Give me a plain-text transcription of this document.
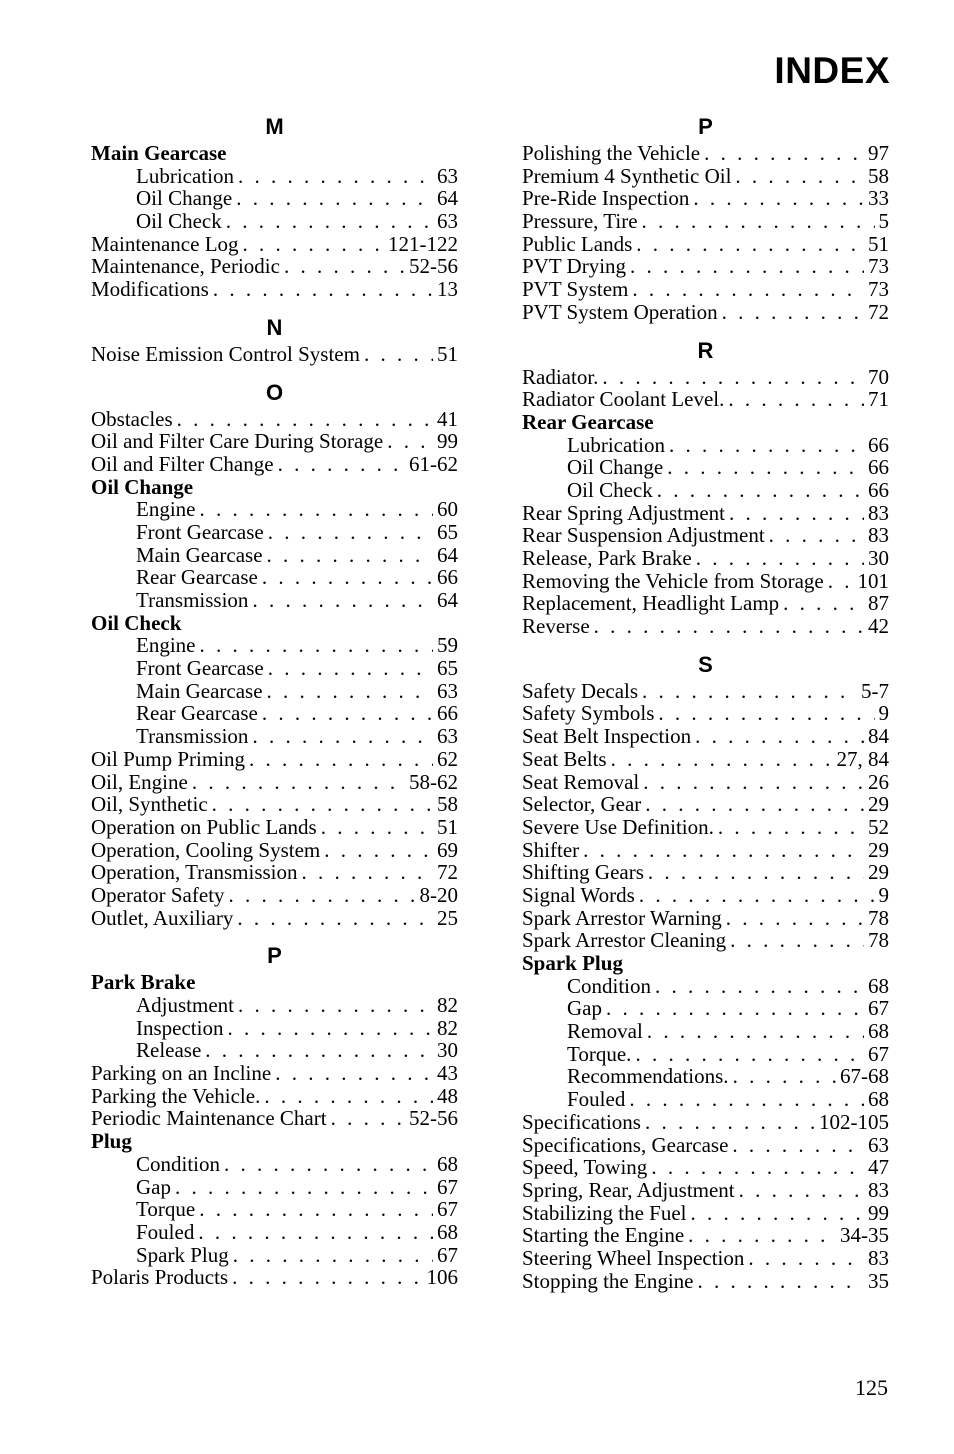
INDEX
M
Main Gearcase
Lubrication . . .	63
Oil Change . . .	64
Oil Check . . .	63
Maintenance Log . . .	121-122
Maintenance, Periodic . . .	52-56
Modifications . . .	13
N
Noise Emission Control System . . .	51
O
Obstacles . . .	41
Oil and Filter Care During Storage . . .	99
Oil and Filter Change . . .	61-62
Oil Change
Engine . . .	60
Front Gearcase . . .	65
Main Gearcase . . .	64
Rear Gearcase . . .	66
Transmission . . .	64
Oil Check
Engine . . .	59
Front Gearcase . . .	65
Main Gearcase . . .	63
Rear Gearcase . . .	66
Transmission . . .	63
Oil Pump Priming . . .	62
Oil, Engine . . .	58-62
Oil, Synthetic . . .	58
Operation on Public Lands . . .	51
Operation, Cooling System . . .	69
Operation, Transmission . . .	72
Operator Safety . . .	8-20
Outlet, Auxiliary . . .	25
P
Park Brake
Adjustment . . .	82
Inspection . . .	82
Release . . .	30
Parking on an Incline . . .	43
Parking the Vehicle. . . .	48
Periodic Maintenance Chart . . .	52-56
Plug
Condition . . .	68
Gap . . .	67
Torque . . .	67
Fouled . . .	68
Spark Plug . . .	67
Polaris Products . . .	106
P
Polishing the Vehicle . . .	97
Premium 4 Synthetic Oil . . .	58
Pre-Ride Inspection . . .	33
Pressure, Tire . . .	5
Public Lands . . .	51
PVT Drying . . .	73
PVT System . . .	73
PVT System Operation . . .	72
R
Radiator. . . .	70
Radiator Coolant Level. . . .	71
Rear Gearcase
Lubrication . . .	66
Oil Change . . .	66
Oil Check . . .	66
Rear Spring Adjustment . . .	83
Rear Suspension Adjustment . . .	83
Release, Park Brake . . .	30
Removing the Vehicle from Storage . . . 101
Replacement, Headlight Lamp . . .	87
Reverse . . .	42
S
Safety Decals . . .	5-7
Safety Symbols . . .	9
Seat Belt Inspection . . .	84
Seat Belts . . .	27, 84
Seat Removal . . .	26
Selector, Gear . . .	29
Severe Use Definition. . . .	52
Shifter . . .	29
Shifting Gears . . .	29
Signal Words . . .	9
Spark Arrestor Warning . . .	78
Spark Arrestor Cleaning . . .	78
Spark Plug
Condition . . .	68
Gap . . .	67
Removal . . .	68
Torque. . . .	67
Recommendations. . . .	67-68
Fouled . . .	68
Specifications . . .	102-105
Specifications, Gearcase . . .	63
Speed, Towing . . .	47
Spring, Rear, Adjustment . . .	83
Stabilizing the Fuel . . .	99
Starting the Engine . . .	34-35
Steering Wheel Inspection . . .	83
Stopping the Engine . . .	35
125
